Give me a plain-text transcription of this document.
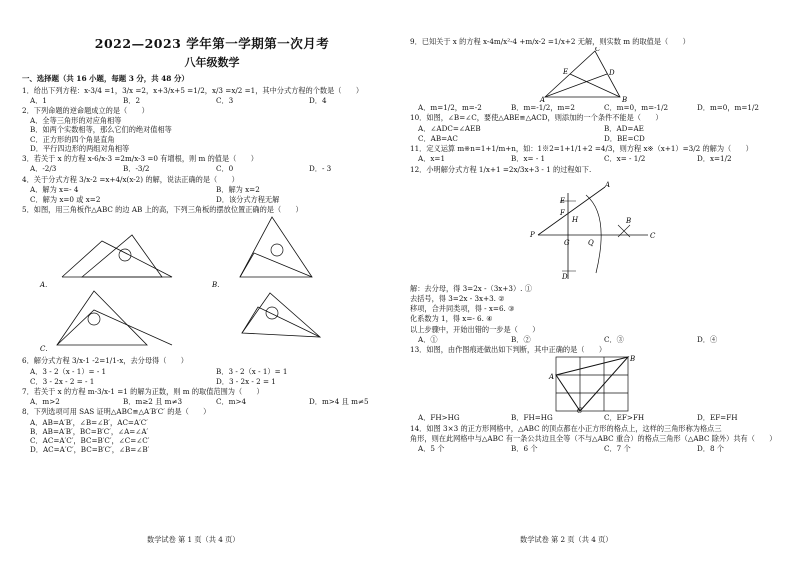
2022—2023 学年第一学期第一次月考
八年级数学
一、选择题（共 16 小题，每题 3 分，共 48 分）
1．给出下列方程：x-3/4 =1，3/x =2，x+3/x+5 =1/2，x/3 =x/2 =1，其中分式方程的个数是（　　）
A．1	B．2	C．3	D．4
2．下列命题的逆命题成立的是（　　）
A．全等三角形的对应角相等
B．如两个实数相等，那么它们的绝对值相等
C．正方形的四个角是直角
D．平行四边形的两组对角相等
3．若关于 x 的方程 x-6/x-3 =2m/x-3 =0 有增根，则 m 的值是（　　）
A．-2/3	B．-3/2	C．0	D．- 3
4．关于分式方程 3/x-2 =x+4/x(x-2) 的解，说法正确的是（　　）
A．解为 x=- 4	B．解为 x=2
C．解为 x=0 或 x=2	D．该分式方程无解
5．如图，用三角板作△ABC 的边 AB 上的高，下列三角板的摆放位置正确的是（　　）
A．	B．
C．
6．解分式方程 3/x-1 -2=1/1-x，去分母得（　　）
A．3 - 2（x - 1）= - 1	B．3 - 2（x - 1）= 1
C．3 - 2x - 2 = - 1	D．3 - 2x - 2 = 1
7．若关于 x 的方程 m-3/x-1 =1 的解为正数，则 m 的取值范围为（　　）
A．m>2	B．m≥2 且 m≠3	C．m>4	D．m>4 且 m≠5
8．下列选项可用 SAS 证明△ABC≌△A′B′C′ 的是（　　）
A．AB=A′B′，∠B=∠B′，AC=A′C′
B．AB=A′B′，BC=B′C′，∠A=∠A′
C．AC=A′C′，BC=B′C′，∠C=∠C′
D．AC=A′C′，BC=B′C′，∠B=∠B′
数学试卷 第 1 页（共 4 页）
9．已知关于 x 的方程 x-4m/x²-4 +m/x-2 =1/x+2 无解，则实数 m 的取值是（　　）
A	B
C
D
E
A．m=1/2，m=-2	B．m=-1/2，m=2	C．m=0，m=-1/2	D．m=0，m=1/2
10．如图，∠B=∠C，要使△ABE≌△ACD，则添加的一个条件不能是（　　）
A．∠ADC=∠AEB	B．AD=AE
C．AB=AC	D．BE=CD
11．定义运算 m※n=1+1/m+n，如：1※2=1+1/1+2 =4/3，则方程 x※（x+1）=3/2 的解为（　　）
A．x=1	B．x= - 1	C．x= - 1/2	D．x=1/2
12．小明解分式方程 1/x+1 =2x/3x+3 - 1 的过程如下.
A
B
C
D
E
F
G
H
P
Q
解：去分母，得 3=2x -（3x+3）. ①
去括号，得 3=2x - 3x+3. ②
移项，合并同类项，得 - x=6. ③
化系数为 1，得 x=- 6. ④
以上步骤中，开始出错的一步是（　　）
A．①	B．②	C．③	D．④
13．如图，由作图痕迹做出如下判断，其中正确的是（　　）
A
B
C
A．FH>HG	B．FH=HG	C．EF>FH	D．EF=FH
14．如图 3×3 的正方形网格中，△ABC 的顶点都在小正方形的格点上，这样的三角形称为格点三
角形，则在此网格中与△ABC 有一条公共边且全等（不与△ABC 重合）的格点三角形（△ABC 除外）共有（　　）
A．5 个	B．6 个	C．7 个	D．8 个
数学试卷 第 2 页（共 4 页）
